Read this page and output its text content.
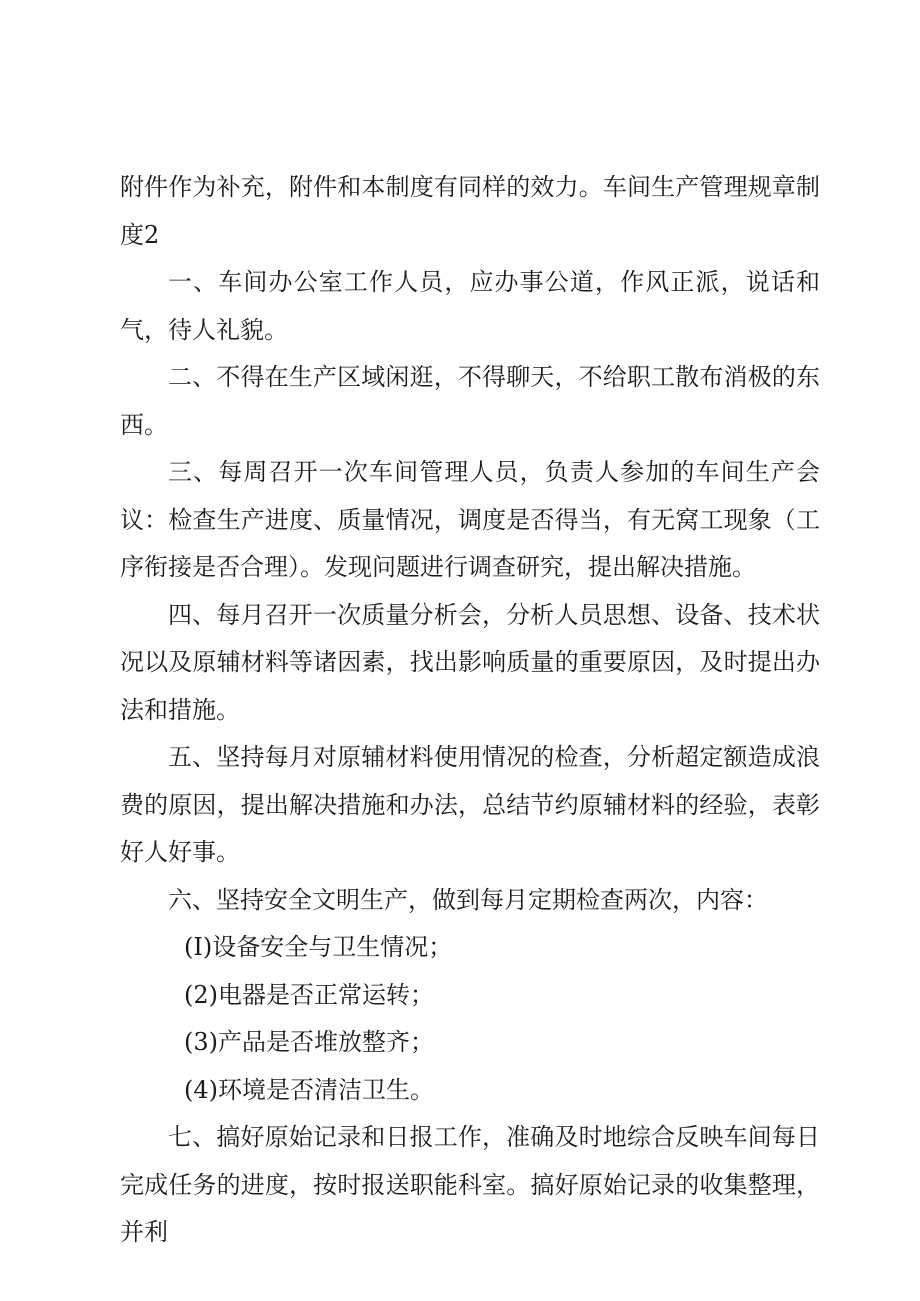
附件作为补充，附件和本制度有同样的效力。车间生产管理规章制度2

一、车间办公室工作人员，应办事公道，作风正派，说话和气，待人礼貌。

二、不得在生产区域闲逛，不得聊天，不给职工散布消极的东西。

三、每周召开一次车间管理人员，负责人参加的车间生产会议：检查生产进度、质量情况，调度是否得当，有无窝工现象（工序衔接是否合理）。发现问题进行调查研究，提出解决措施。

四、每月召开一次质量分析会，分析人员思想、设备、技术状况以及原辅材料等诸因素，找出影响质量的重要原因，及时提出办法和措施。

五、坚持每月对原辅材料使用情况的检查，分析超定额造成浪费的原因，提出解决措施和办法，总结节约原辅材料的经验，表彰好人好事。

六、坚持安全文明生产，做到每月定期检查两次，内容：

(I)设备安全与卫生情况；

(2)电器是否正常运转；

(3)产品是否堆放整齐；

(4)环境是否清洁卫生。

七、搞好原始记录和日报工作，准确及时地综合反映车间每日完成任务的进度，按时报送职能科室。搞好原始记录的收集整理，并利
